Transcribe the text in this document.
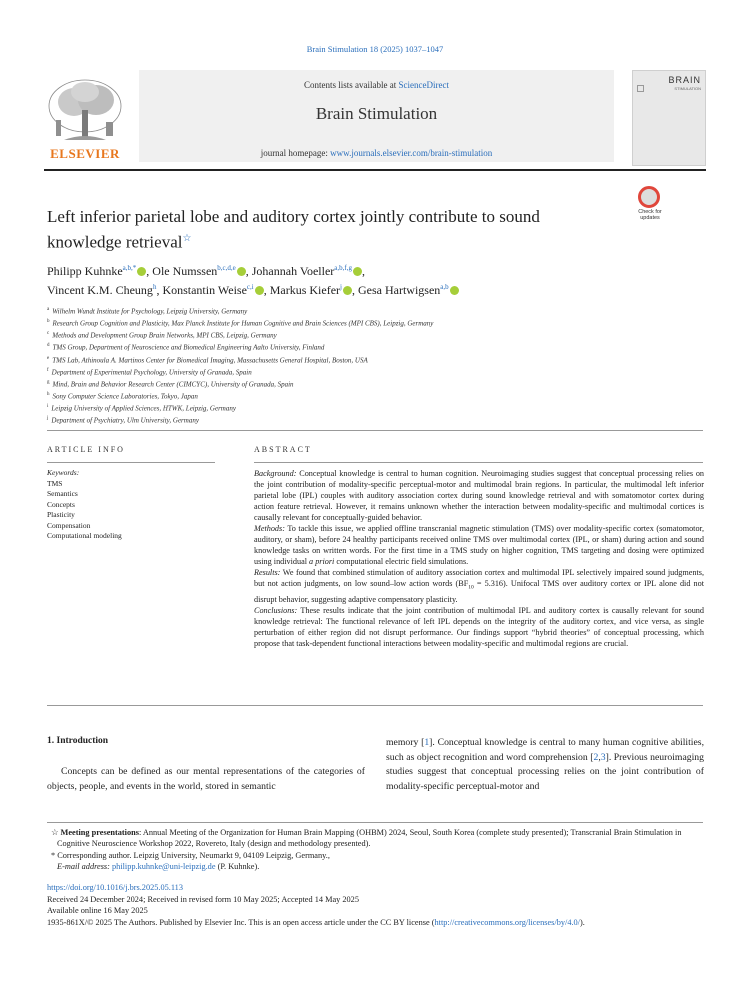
Brain Stimulation 18 (2025) 1037–1047
ELSEVIER
Contents lists available at ScienceDirect
Brain Stimulation
journal homepage: www.journals.elsevier.com/brain-stimulation
BRAIN
STIMULATION
Check for updates
Left inferior parietal lobe and auditory cortex jointly contribute to sound knowledge retrieval☆
Philipp Kuhnke$^{a,b,*}$ , Ole Numssen$^{b,c,d,e}$ , Johannah Voeller$^{a,b,f,g}$ ,
Vincent K.M. Cheung$^h$, Konstantin Weise$^{c,i}$ , Markus Kiefer$^j$ , Gesa Hartwigsen$^{a,b}$
$^a$ Wilhelm Wundt Institute for Psychology, Leipzig University, Germany
$^b$ Research Group Cognition and Plasticity, Max Planck Institute for Human Cognitive and Brain Sciences (MPI CBS), Leipzig, Germany
$^c$ Methods and Development Group Brain Networks, MPI CBS, Leipzig, Germany
$^d$ TMS Group, Department of Neuroscience and Biomedical Engineering Aalto University, Finland
$^e$ TMS Lab, Athinoula A. Martinos Center for Biomedical Imaging, Massachusetts General Hospital, Boston, USA
$^f$ Department of Experimental Psychology, University of Granada, Spain
$^g$ Mind, Brain and Behavior Research Center (CIMCYC), University of Granada, Spain
$^h$ Sony Computer Science Laboratories, Tokyo, Japan
$^i$ Leipzig University of Applied Sciences, HTWK, Leipzig, Germany
$^j$ Department of Psychiatry, Ulm University, Germany
ARTICLE INFO	ABSTRACT
Keywords:
TMS
Semantics
Concepts
Plasticity
Compensation
Computational modeling

Background: Conceptual knowledge is central to human cognition. Neuroimaging studies suggest that conceptual processing relies on the joint contribution of modality-specific perceptual-motor and multimodal brain regions. In particular, the multimodal left inferior parietal lobe (IPL) couples with auditory association cortex during sound knowledge retrieval and with somatomotor cortex during action feature retrieval. However, it remains unknown whether the interaction between modality-specific and multimodal cortices is causally relevant for conceptually-guided behavior.

Methods: To tackle this issue, we applied offline transcranial magnetic stimulation (TMS) over modality-specific cortex (somatomotor, auditory, or sham), before 24 healthy participants received online TMS over multimodal cortex (IPL, or sham) during action and sound knowledge tasks on written words. For the first time in a TMS study on higher cognition, TMS targeting and dosing were optimized using individual a priori computational electric field simulations.

Results: We found that combined stimulation of auditory association cortex and multimodal IPL selectively impaired sound judgments, but not action judgments, on low sound–low action words $(BF_{10} = 5.316)$. Unifocal TMS over auditory cortex or IPL alone did not disrupt behavior, suggesting adaptive compensatory plasticity.

Conclusions: These results indicate that the joint contribution of multimodal IPL and auditory cortex is causally relevant for sound knowledge retrieval: The functional relevance of left IPL depends on the integrity of the auditory cortex, and vice versa, as single perturbation of either region did not disrupt performance. Our findings support “hybrid theories” of conceptual processing, which propose that task-dependent functional interactions between modality-specific and multimodal regions are crucial.

1. Introduction
Concepts can be defined as our mental representations of the categories of objects, people, and events in the world, stored in semantic
memory [1]. Conceptual knowledge is central to many human cognitive abilities, such as object recognition and word comprehension [2,3]. Previous neuroimaging studies suggest that conceptual processing relies on the joint contribution of modality-specific perceptual-motor and

☆ Meeting presentations: Annual Meeting of the Organization for Human Brain Mapping (OHBM) 2024, Seoul, South Korea (complete study presented); Transcranial Brain Stimulation in Cognitive Neuroscience Workshop 2022, Rovereto, Italy (design and methodology presented).

* Corresponding author. Leipzig University, Neumarkt 9, 04109 Leipzig, Germany.,

E-mail address: philipp.kuhnke@uni-leipzig.de (P. Kuhnke).

https://doi.org/10.1016/j.brs.2025.05.113
Received 24 December 2024; Received in revised form 10 May 2025; Accepted 14 May 2025
Available online 16 May 2025
1935-861X/© 2025 The Authors. Published by Elsevier Inc. This is an open access article under the CC BY license (http://creativecommons.org/licenses/by/4.0/).
